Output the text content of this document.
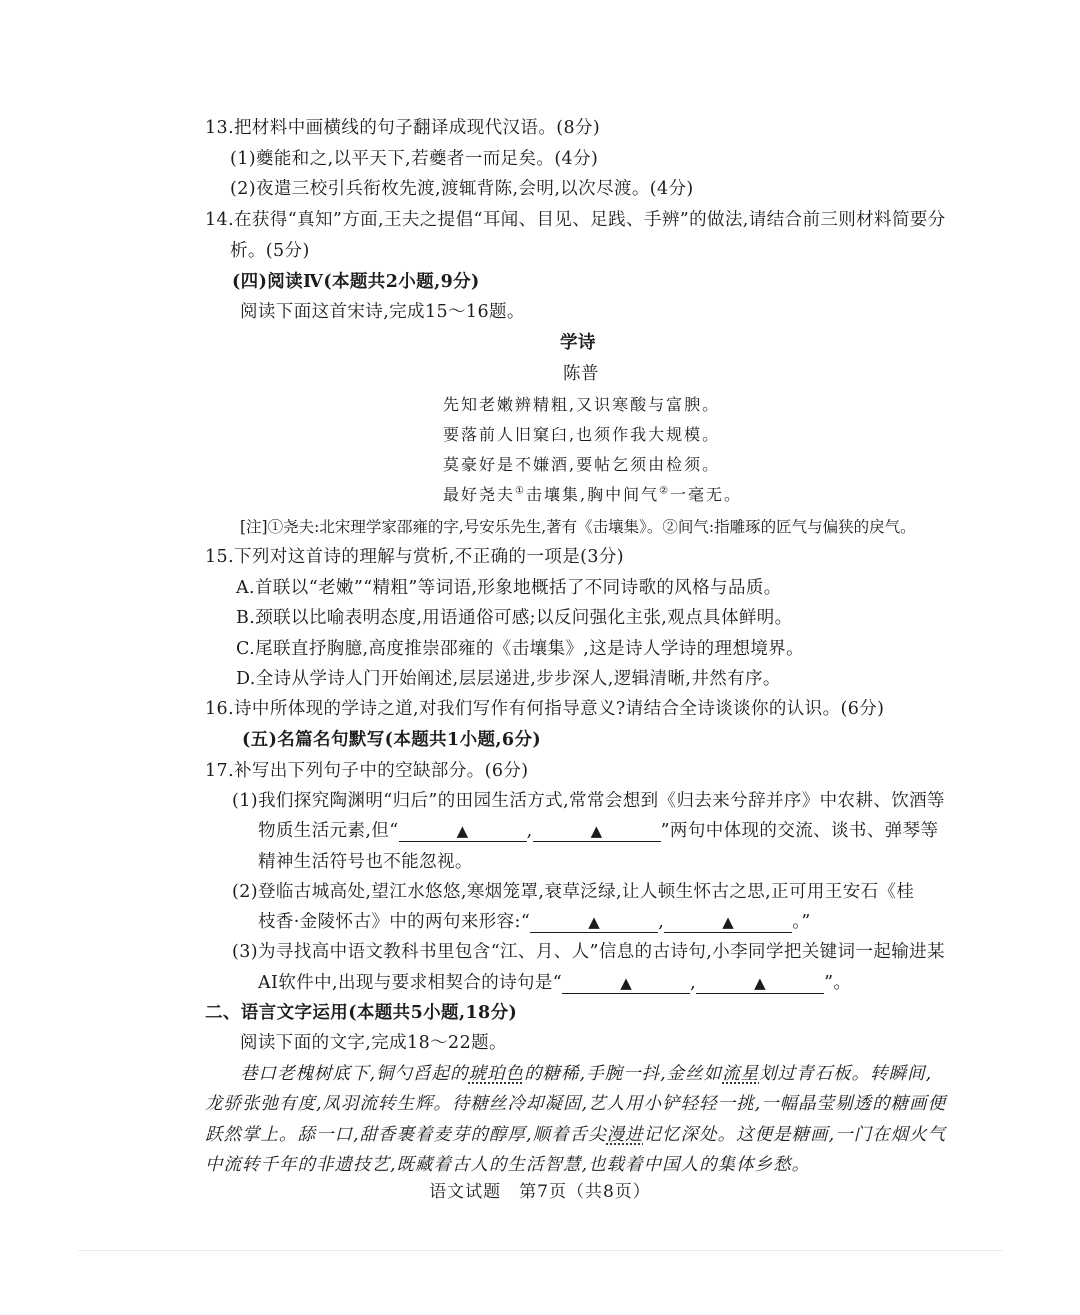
13.把材料中画横线的句子翻译成现代汉语。(8分)
(1)夔能和之,以平天下,若夔者一而足矣。(4分)
(2)夜遣三校引兵衔枚先渡,渡辄背陈,会明,以次尽渡。(4分)
14.在获得“真知”方面,王夫之提倡“耳闻、目见、足践、手辨”的做法,请结合前三则材料简要分
析。(5分)
(四)阅读Ⅳ(本题共2小题,9分)
阅读下面这首宋诗,完成15～16题。
学诗
陈普
先知老嫩辨精粗,又识寒酸与富腴。
要落前人旧窠臼,也须作我大规模。
莫豪好是不嫌酒,要帖乞须由检须。
最好尧夫①击壤集,胸中间气②一毫无。
[注]①尧夫:北宋理学家邵雍的字,号安乐先生,著有《击壤集》。②间气:指雕琢的匠气与偏狭的戾气。
15.下列对这首诗的理解与赏析,不正确的一项是(3分)
A.首联以“老嫩”“精粗”等词语,形象地概括了不同诗歌的风格与品质。
B.颈联以比喻表明态度,用语通俗可感;以反问强化主张,观点具体鲜明。
C.尾联直抒胸臆,高度推崇邵雍的《击壤集》,这是诗人学诗的理想境界。
D.全诗从学诗人门开始阐述,层层递进,步步深人,逻辑清晰,井然有序。
16.诗中所体现的学诗之道,对我们写作有何指导意义?请结合全诗谈谈你的认识。(6分)
(五)名篇名句默写(本题共1小题,6分)
17.补写出下列句子中的空缺部分。(6分)
(1)我们探究陶渊明“归后”的田园生活方式,常常会想到《归去来兮辞并序》中农耕、饮酒等
物质生活元素,但“	▲	,	▲	”两句中体现的交流、谈书、弹琴等
精神生活符号也不能忽视。
(2)登临古城高处,望江水悠悠,寒烟笼罩,衰草泛绿,让人顿生怀古之思,正可用王安石《桂
枝香·金陵怀古》中的两句来形容:“	▲	,	▲	。”
(3)为寻找高中语文教科书里包含“江、月、人”信息的古诗句,小李同学把关键词一起输进某
AI软件中,出现与要求相契合的诗句是“	▲	,	▲	”。
二、语言文字运用(本题共5小题,18分)
阅读下面的文字,完成18～22题。
巷口老槐树底下,铜勺舀起的琥珀色的糖稀,手腕一抖,金丝如流星划过青石板。转瞬间,
龙骄张弛有度,凤羽流转生辉。待糖丝冷却凝固,艺人用小铲轻轻一挑,一幅晶莹剔透的糖画便
跃然掌上。舔一口,甜香裹着麦芽的醇厚,顺着舌尖漫进记忆深处。这便是糖画,一门在烟火气
中流转千年的非遗技艺,既藏着古人的生活智慧,也载着中国人的集体乡愁。
语文试题　第7页（共8页）
